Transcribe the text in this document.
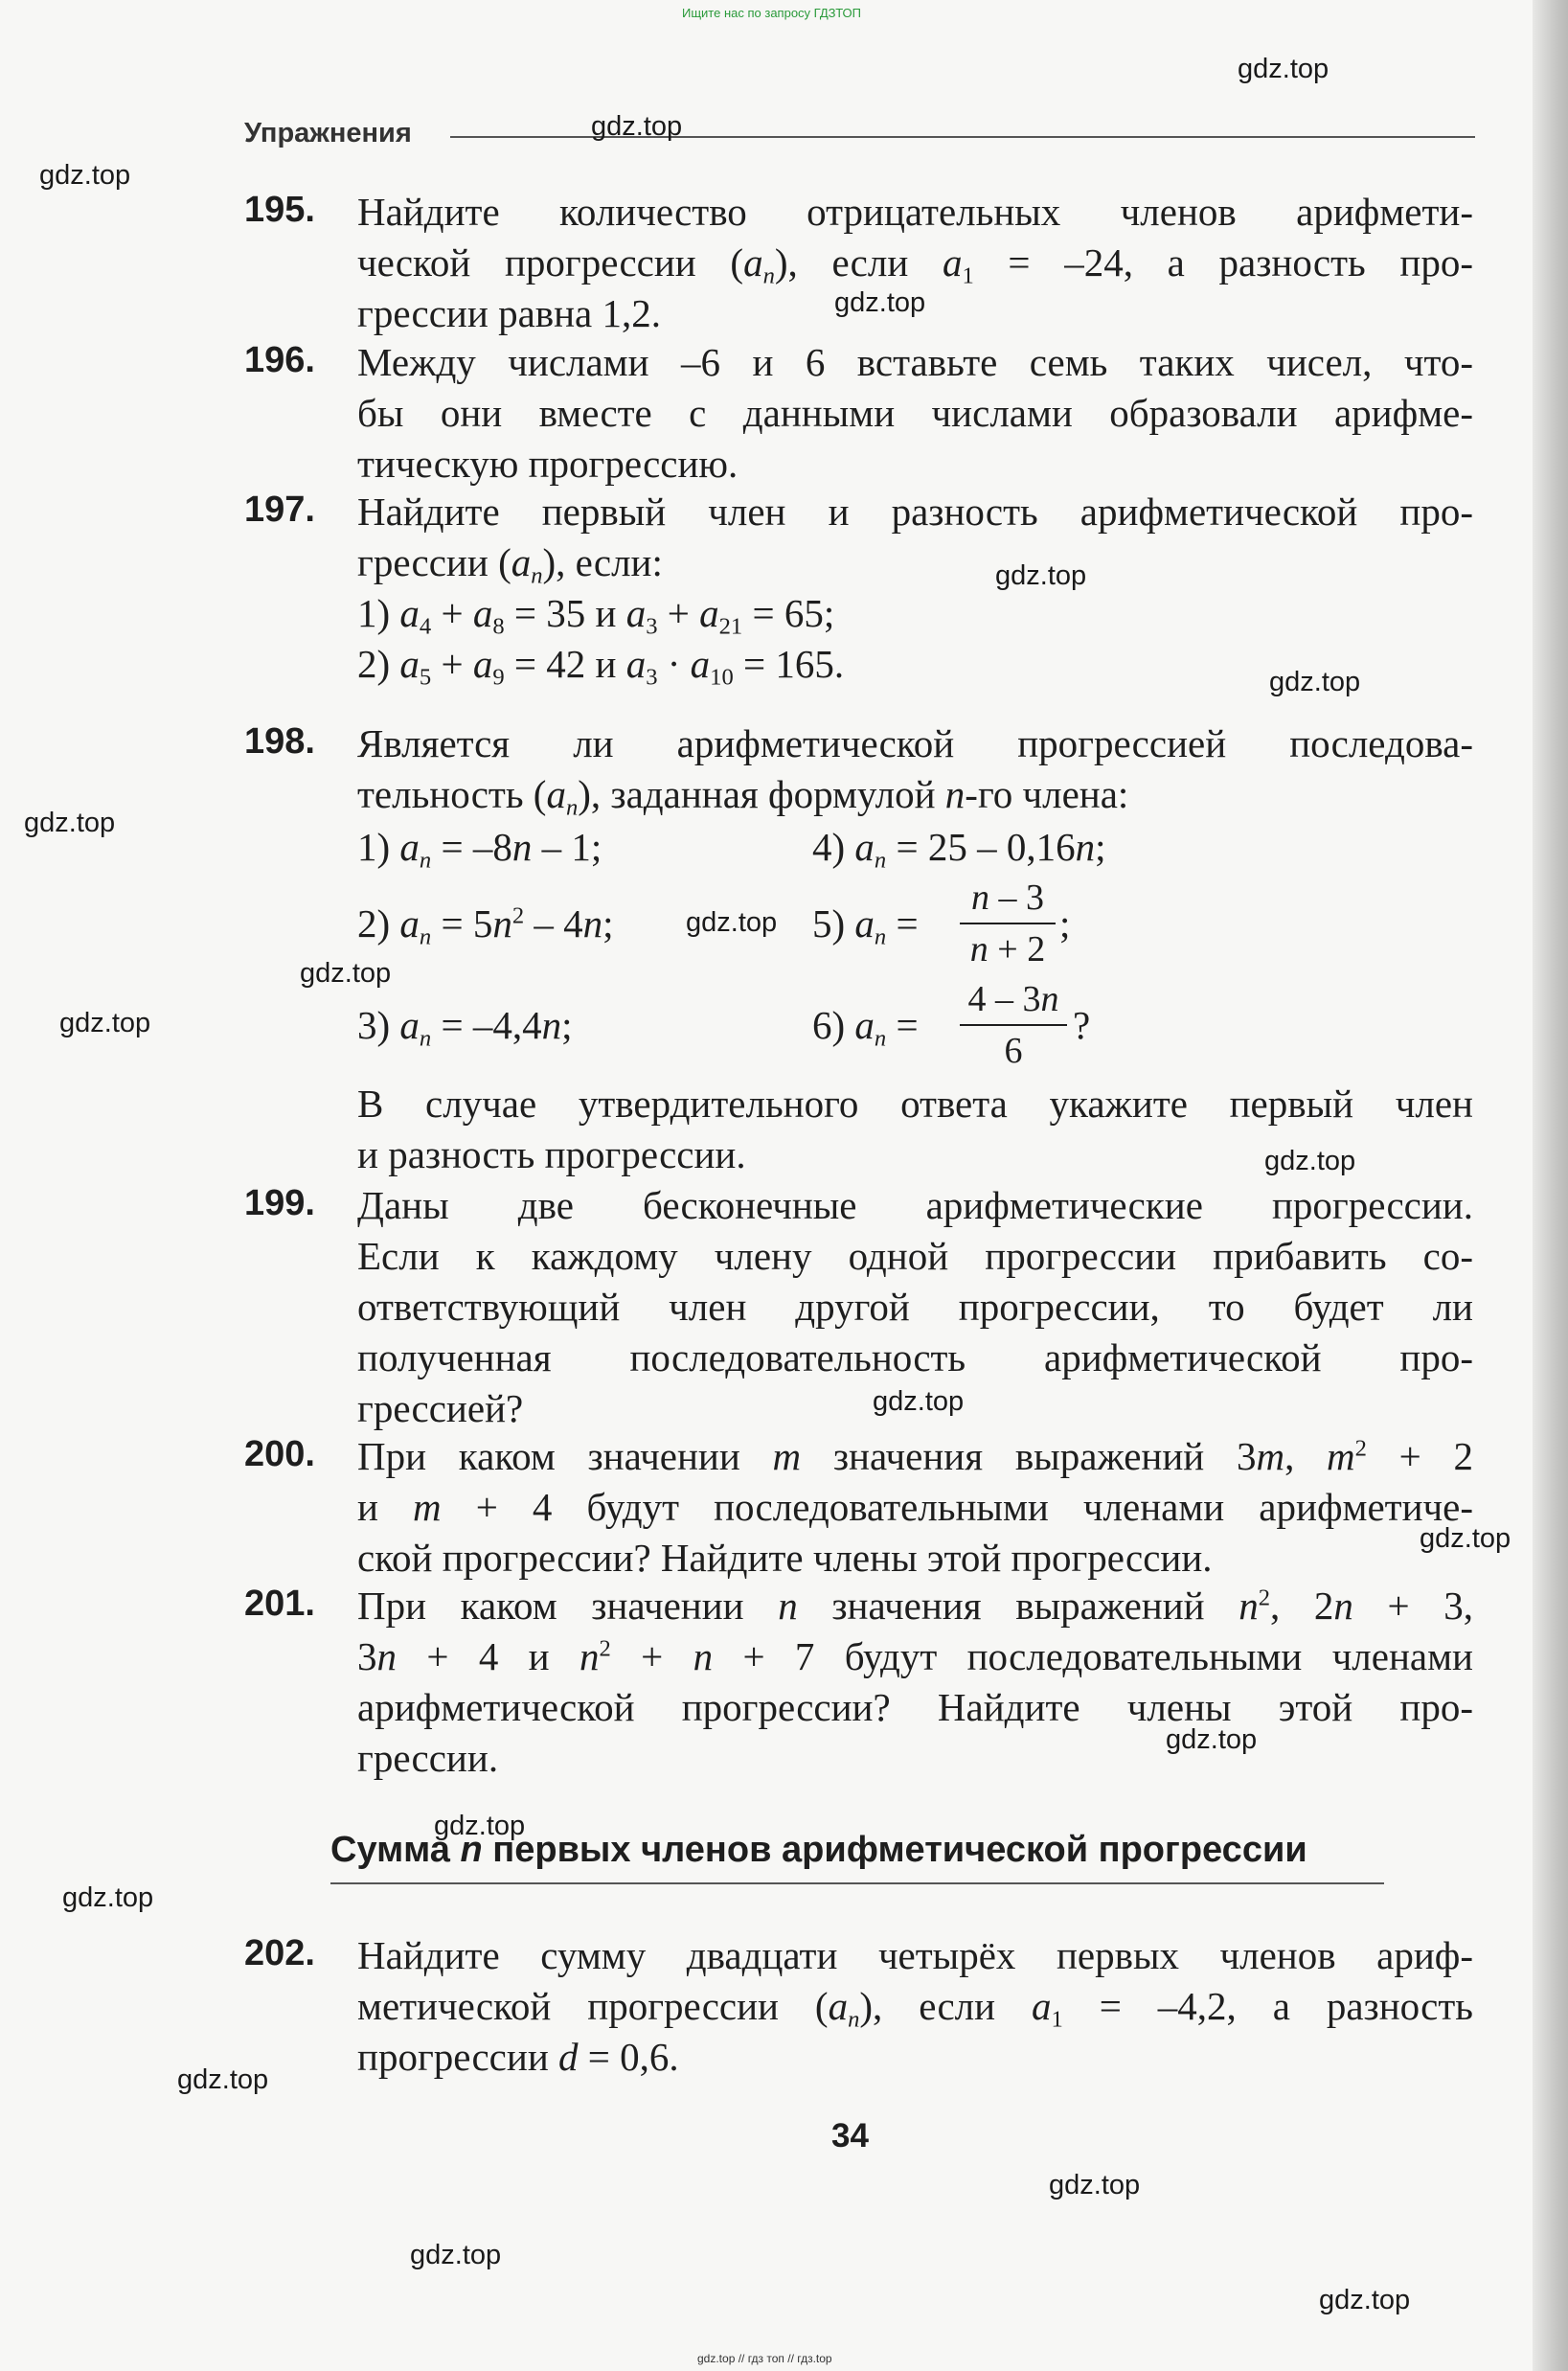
Ищите нас по запросу ГДЗТОП
Упражнения
gdz.top
gdz.top
gdz.top
gdz.top
gdz.top
gdz.top
gdz.top
gdz.top
gdz.top
gdz.top
gdz.top
gdz.top
gdz.top
gdz.top
gdz.top
gdz.top
gdz.top
gdz.top
gdz.top
gdz.top
195. Найдите количество отрицательных членов арифмети-
ческой прогрессии $(a_n)$, если $a_1 = -24$, а разность про-
грессии равна 1,2.
196. Между числами –6 и 6 вставьте семь таких чисел, что-
бы они вместе с данными числами образовали арифме-
тическую прогрессию.
197. Найдите первый член и разность арифметической про-
грессии $(a_n)$, если:
1) $a_4 + a_8 = 35$ и $a_3 + a_{21} = 65$;
2) $a_5 + a_9 = 42$ и $a_3 \cdot a_{10} = 165$.
198. Является ли арифметической прогрессией последова-
тельность $(a_n)$, заданная формулой n-го члена:
1) $a_n = -8n - 1$;	4) $a_n = 25 - 0,16n$;
2) $a_n = 5n^2 - 4n$;	5) $a_n$ =
n – 3
n + 2
;
3) $a_n = -4,4n$;	6) $a_n$ =
4 – 3n
6
?
В случае утвердительного ответа укажите первый член
и разность прогрессии.
199. Даны две бесконечные арифметические прогрессии.
Если к каждому члену одной прогрессии прибавить со-
ответствующий член другой прогрессии, то будет ли
полученная последовательность арифметической про-
грессией?
200. При каком значении m значения выражений 3m, $m^2 + 2$
и m + 4 будут последовательными членами арифметиче-
ской прогрессии? Найдите члены этой прогрессии.
201. При каком значении n значения выражений $n^2$, 2n + 3,
3n + 4 и $n^2 + n + 7$ будут последовательными членами
арифметической прогрессии? Найдите члены этой про-
грессии.
Сумма n первых членов арифметической прогрессии
202. Найдите сумму двадцати четырёх первых членов ариф-
метической прогрессии $(a_n)$, если $a_1 = -4,2$, а разность
прогрессии d = 0,6.
34
gdz.top // гдз топ // гдз.top
